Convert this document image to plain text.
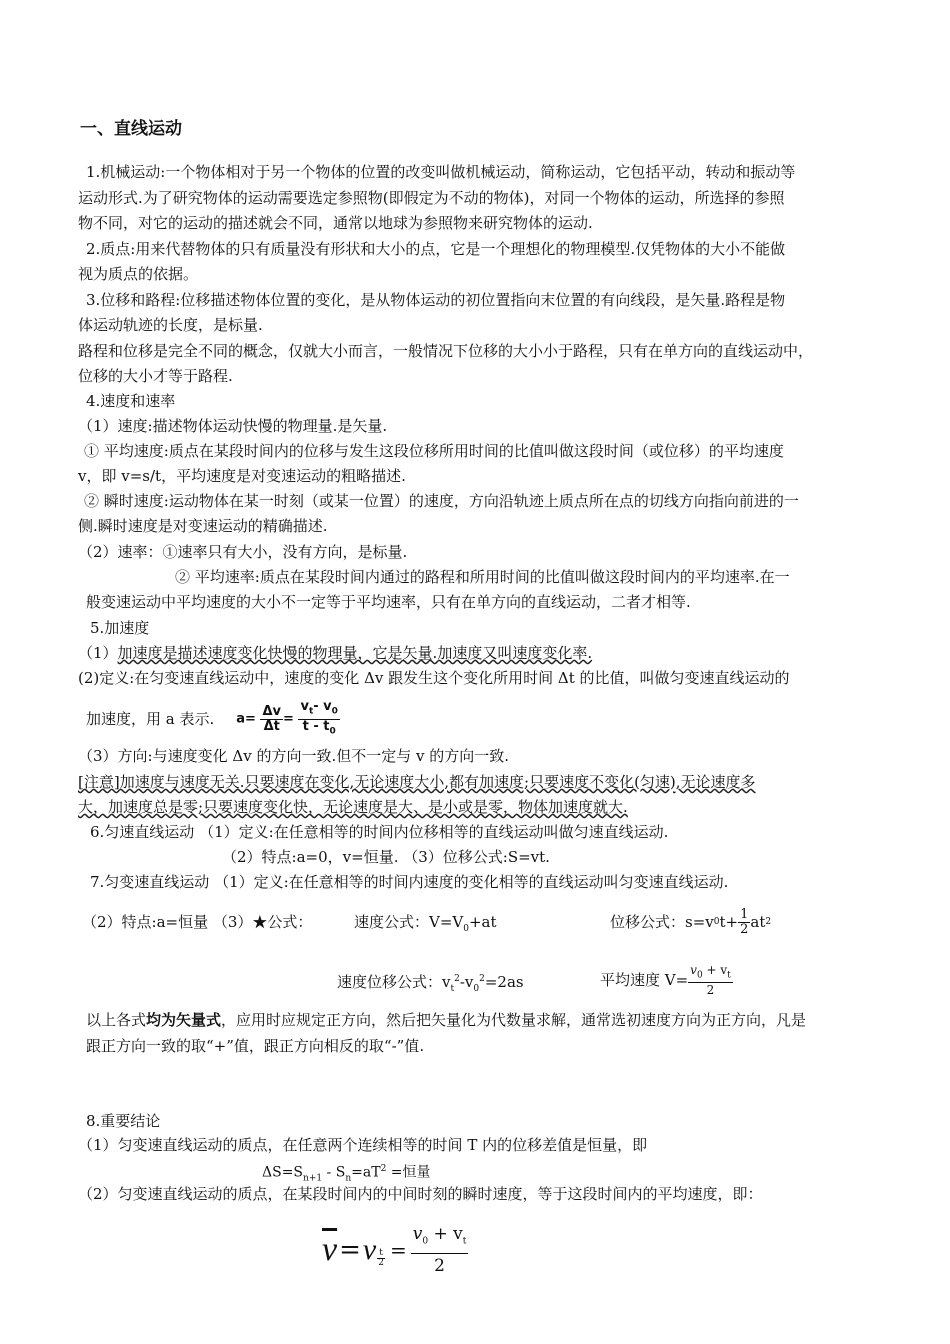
一、直线运动
1.机械运动:一个物体相对于另一个物体的位置的改变叫做机械运动，简称运动，它包括平动，转动和振动等
运动形式.为了研究物体的运动需要选定参照物(即假定为不动的物体)，对同一个物体的运动，所选择的参照
物不同，对它的运动的描述就会不同，通常以地球为参照物来研究物体的运动.
2.质点:用来代替物体的只有质量没有形状和大小的点，它是一个理想化的物理模型.仅凭物体的大小不能做
视为质点的依据。
3.位移和路程:位移描述物体位置的变化，是从物体运动的初位置指向末位置的有向线段，是矢量.路程是物
体运动轨迹的长度，是标量.
路程和位移是完全不同的概念，仅就大小而言，一般情况下位移的大小小于路程，只有在单方向的直线运动中，
位移的大小才等于路程.
4.速度和速率
（1）速度:描述物体运动快慢的物理量.是矢量.
① 平均速度:质点在某段时间内的位移与发生这段位移所用时间的比值叫做这段时间（或位移）的平均速度
v，即 v=s/t，平均速度是对变速运动的粗略描述.
② 瞬时速度:运动物体在某一时刻（或某一位置）的速度，方向沿轨迹上质点所在点的切线方向指向前进的一
侧.瞬时速度是对变速运动的精确描述.
（2）速率：①速率只有大小，没有方向，是标量.
② 平均速率:质点在某段时间内通过的路程和所用时间的比值叫做这段时间内的平均速率.在一
般变速运动中平均速度的大小不一定等于平均速率，只有在单方向的直线运动，二者才相等.
5.加速度
（1）加速度是描述速度变化快慢的物理量，它是矢量.加速度又叫速度变化率.
(2)定义:在匀变速直线运动中，速度的变化 Δv 跟发生这个变化所用时间 Δt 的比值，叫做匀变速直线运动的
加速度，用 a 表示. $a= \frac{\Delta v}{\Delta t} = \frac{v_t- v_0}{t - t_0}$
（3）方向:与速度变化 Δv 的方向一致.但不一定与 v 的方向一致.
[注意]加速度与速度无关.只要速度在变化,无论速度大小,都有加速度;只要速度不变化(匀速),无论速度多
大，加速度总是零;只要速度变化快，无论速度是大、是小或是零，物体加速度就大.
6.匀速直线运动 （1）定义:在任意相等的时间内位移相等的直线运动叫做匀速直线运动.
（2）特点:a=0，v=恒量. （3）位移公式:S=vt.
7.匀变速直线运动 （1）定义:在任意相等的时间内速度的变化相等的直线运动叫匀变速直线运动.
（2）特点:a=恒量 （3）★公式：	速度公式：$V=V_0+at$	位移公式：s=v 0 $t+ \frac{1}{2}$ at 2
速度位移公式：$v_t^2-v_0^2=2as$	平均速度 $V= \frac{v_0 + v_t}{2}$
以上各式均为矢量式，应用时应规定正方向，然后把矢量化为代数量求解，通常选初速度方向为正方向，凡是
跟正方向一致的取“+”值，跟正方向相反的取“-”值.
8.重要结论
（1）匀变速直线运动的质点，在任意两个连续相等的时间 T 内的位移差值是恒量，即
$\Delta S=S_{n+1} - S_n=aT^2$ =恒量
（2）匀变速直线运动的质点，在某段时间内的中间时刻的瞬时速度，等于这段时间内的平均速度，即：
$\overline{v} = v \frac{t}{2} = \frac{v_0 + v_t}{2}$
